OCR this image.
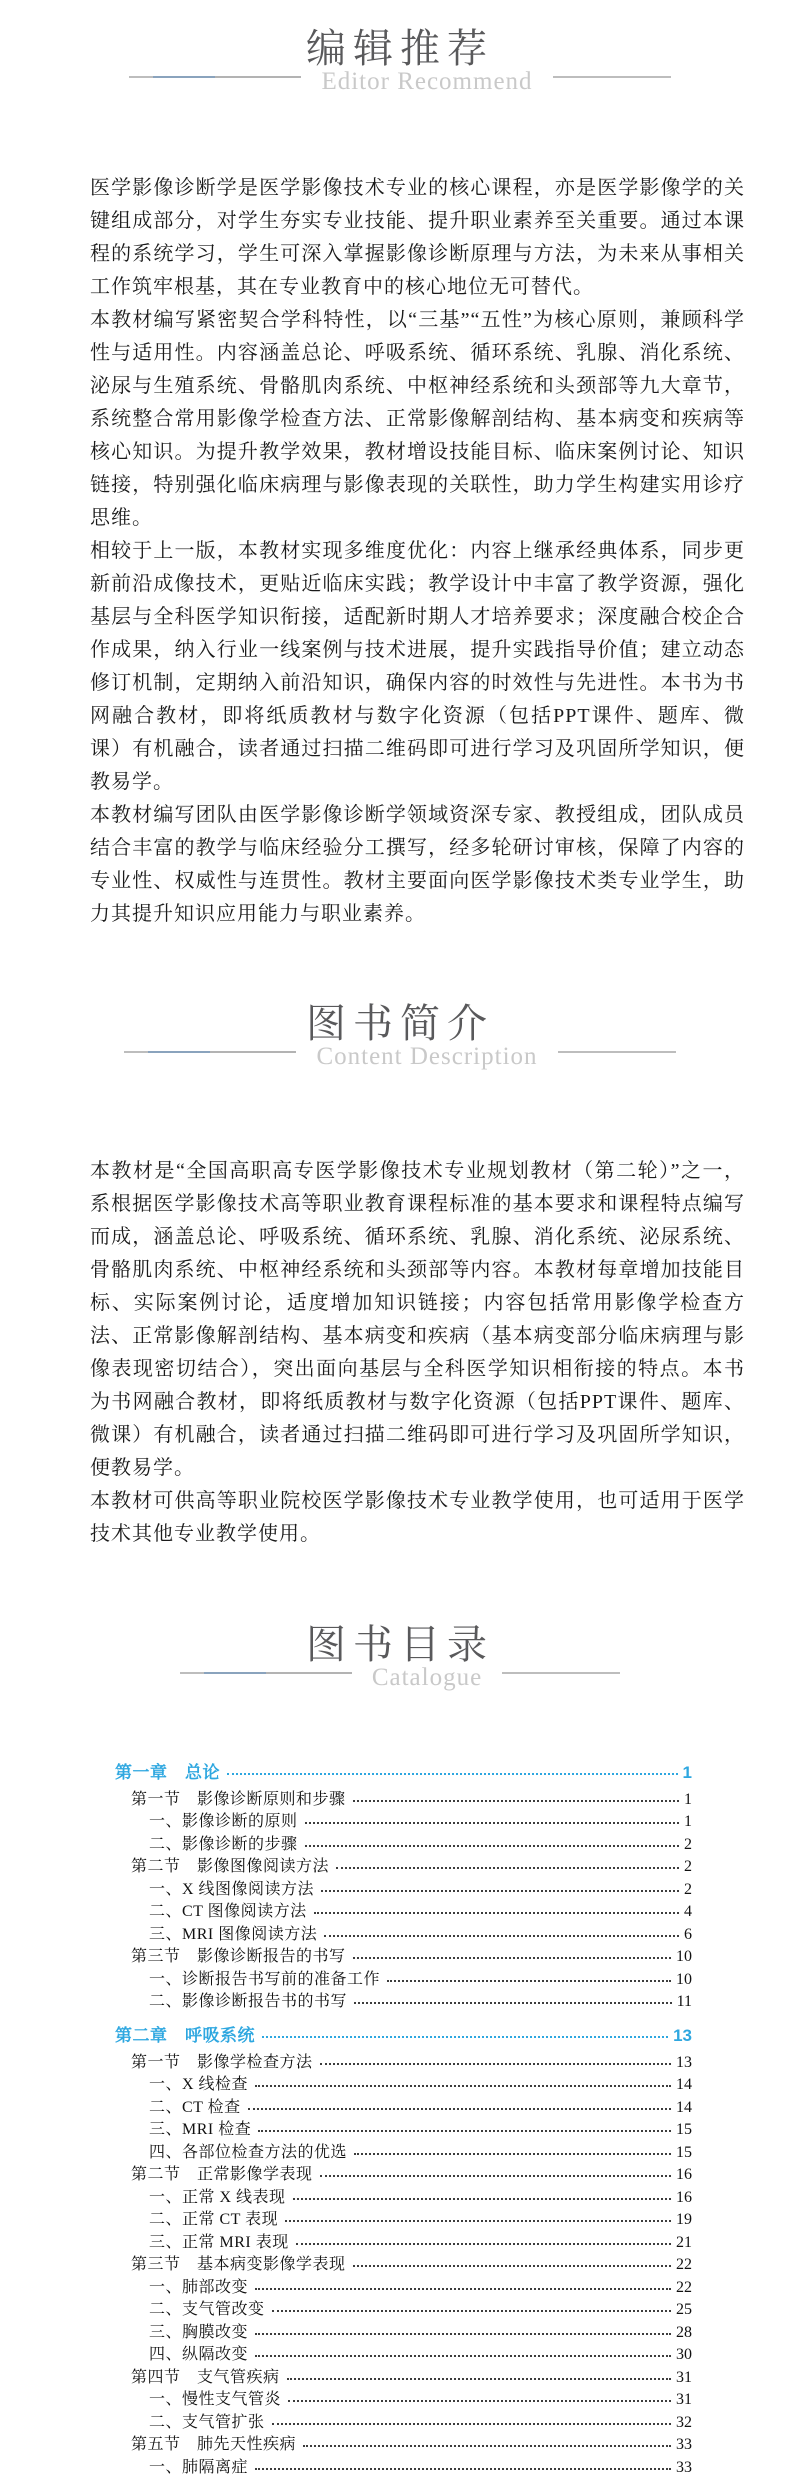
编辑推荐
Editor Recommend

医学影像诊断学是医学影像技术专业的核心课程，亦是医学影像学的关键组成部分，对学生夯实专业技能、提升职业素养至关重要。通过本课程的系统学习，学生可深入掌握影像诊断原理与方法，为未来从事相关工作筑牢根基，其在专业教育中的核心地位无可替代。

本教材编写紧密契合学科特性，以“三基”“五性”为核心原则，兼顾科学性与适用性。内容涵盖总论、呼吸系统、循环系统、乳腺、消化系统、泌尿与生殖系统、骨骼肌肉系统、中枢神经系统和头颈部等九大章节，系统整合常用影像学检查方法、正常影像解剖结构、基本病变和疾病等核心知识。为提升教学效果，教材增设技能目标、临床案例讨论、知识链接，特别强化临床病理与影像表现的关联性，助力学生构建实用诊疗思维。

相较于上一版，本教材实现多维度优化：内容上继承经典体系，同步更新前沿成像技术，更贴近临床实践；教学设计中丰富了教学资源，强化基层与全科医学知识衔接，适配新时期人才培养要求；深度融合校企合作成果，纳入行业一线案例与技术进展，提升实践指导价值；建立动态修订机制，定期纳入前沿知识，确保内容的时效性与先进性。本书为书网融合教材，即将纸质教材与数字化资源（包括PPT课件、题库、微课）有机融合，读者通过扫描二维码即可进行学习及巩固所学知识，便教易学。

本教材编写团队由医学影像诊断学领域资深专家、教授组成，团队成员结合丰富的教学与临床经验分工撰写，经多轮研讨审核，保障了内容的专业性、权威性与连贯性。教材主要面向医学影像技术类专业学生，助力其提升知识应用能力与职业素养。

图书简介
Content Description

本教材是“全国高职高专医学影像技术专业规划教材（第二轮）”之一，系根据医学影像技术高等职业教育课程标准的基本要求和课程特点编写而成，涵盖总论、呼吸系统、循环系统、乳腺、消化系统、泌尿系统、骨骼肌肉系统、中枢神经系统和头颈部等内容。本教材每章增加技能目标、实际案例讨论，适度增加知识链接；内容包括常用影像学检查方法、正常影像解剖结构、基本病变和疾病（基本病变部分临床病理与影像表现密切结合），突出面向基层与全科医学知识相衔接的特点。本书为书网融合教材，即将纸质教材与数字化资源（包括PPT课件、题库、微课）有机融合，读者通过扫描二维码即可进行学习及巩固所学知识，便教易学。

本教材可供高等职业院校医学影像技术专业教学使用，也可适用于医学技术其他专业教学使用。

图书目录
Catalogue
第一章　总论	1
第一节　影像诊断原则和步骤	1
一、影像诊断的原则	1
二、影像诊断的步骤	2
第二节　影像图像阅读方法	2
一、X 线图像阅读方法	2
二、CT 图像阅读方法	4
三、MRI 图像阅读方法	6
第三节　影像诊断报告的书写	10
一、诊断报告书写前的准备工作	10
二、影像诊断报告书的书写	11
第二章　呼吸系统	13
第一节　影像学检查方法	13
一、X 线检查	14
二、CT 检查	14
三、MRI 检查	15
四、各部位检查方法的优选	15
第二节　正常影像学表现	16
一、正常 X 线表现	16
二、正常 CT 表现	19
三、正常 MRI 表现	21
第三节　基本病变影像学表现	22
一、肺部改变	22
二、支气管改变	25
三、胸膜改变	28
四、纵隔改变	30
第四节　支气管疾病	31
一、慢性支气管炎	31
二、支气管扩张	32
第五节　肺先天性疾病	33
一、肺隔离症	33
